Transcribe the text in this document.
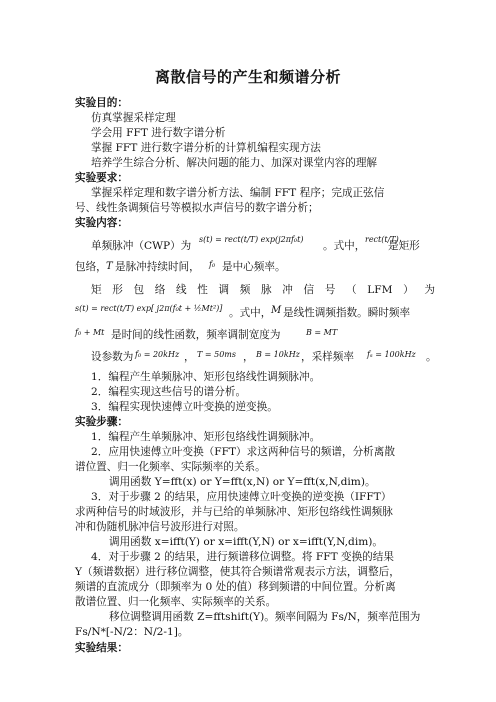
离散信号的产生和频谱分析
实验目的：
仿真掌握采样定理
学会用 FFT 进行数字谱分析
掌握 FFT 进行数字谱分析的计算机编程实现方法
培养学生综合分析、解决问题的能力、加深对课堂内容的理解
实验要求：
掌握采样定理和数字谱分析方法、编制 FFT 程序；完成正弦信
号、线性条调频信号等模拟水声信号的数字谱分析；
实验内容：
单频脉冲（CWP）为
s(t) = rect(t/T) exp(j2πf₀t)
。式中，
rect(t/T)
是矩形
包络， T 是脉冲持续时间， f₀ 是中心频率。
矩 形 包 络 线 性 调 频 脉 冲 信 号 （ LFM ） 为
s(t) = rect(t/T) exp[ j2π(f₀t + ½Mt²)] 。式中， M 是线性调频指数。瞬时频率
f₀ + Mt 是时间的线性函数，频率调制宽度为	B = MT
设参数为 f₀ = 20kHz ， T = 50ms ， B = 10kHz ，采样频率 fₛ = 100kHz 。
1．编程产生单频脉冲、矩形包络线性调频脉冲。
2．编程实现这些信号的谱分析。
3．编程实现快速傅立叶变换的逆变换。
实验步骤：
1．编程产生单频脉冲、矩形包络线性调频脉冲。
2．应用快速傅立叶变换（FFT）求这两种信号的频谱，分析离散
谱位置、归一化频率、实际频率的关系。
调用函数 Y=fft(x) or Y=fft(x,N) or Y=fft(x,N,dim)。
3．对于步骤 2 的结果，应用快速傅立叶变换的逆变换（IFFT）
求两种信号的时域波形，并与已给的单频脉冲、矩形包络线性调频脉
冲和伪随机脉冲信号波形进行对照。
调用函数 x=ifft(Y) or x=ifft(Y,N) or x=ifft(Y,N,dim)。
4．对于步骤 2 的结果，进行频谱移位调整。将 FFT 变换的结果
Y（频谱数据）进行移位调整，使其符合频谱常观表示方法，调整后，
频谱的直流成分（即频率为 0 处的值）移到频谱的中间位置。分析离
散谱位置、归一化频率、实际频率的关系。
移位调整调用函数 Z=fftshift(Y)。频率间隔为 Fs/N，频率范围为
Fs/N*[-N/2：N/2-1]。
实验结果：
